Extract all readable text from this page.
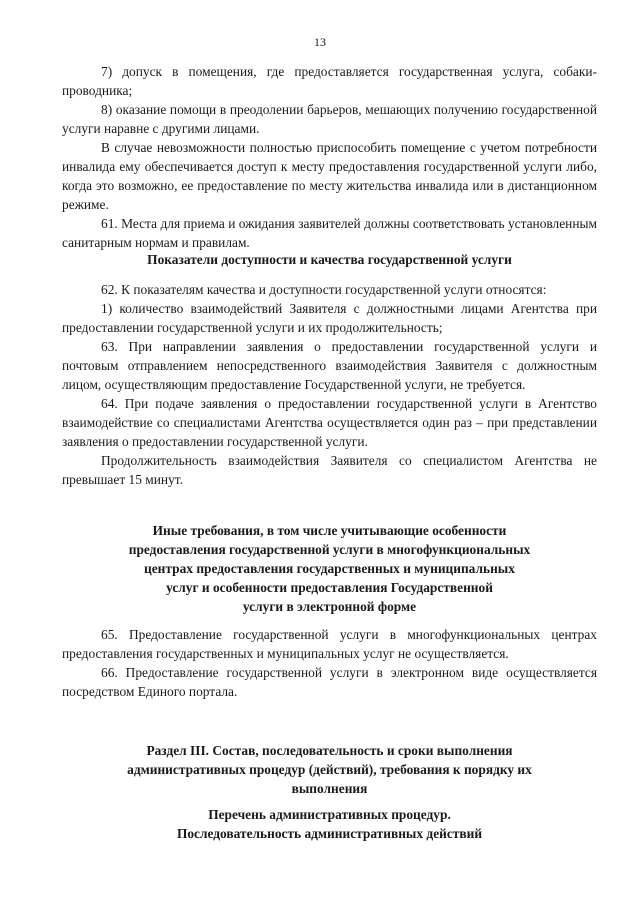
13

7) допуск в помещения, где предоставляется государственная услуга, собаки-проводника;

8) оказание помощи в преодолении барьеров, мешающих получению государственной услуги наравне с другими лицами.

В случае невозможности полностью приспособить помещение с учетом потребности инвалида ему обеспечивается доступ к месту предоставления государственной услуги либо, когда это возможно, ее предоставление по месту жительства инвалида или в дистанционном режиме.

61. Места для приема и ожидания заявителей должны соответствовать установленным санитарным нормам и правилам.

Показатели доступности и качества государственной услуги

62. К показателям качества и доступности государственной услуги относятся:

1) количество взаимодействий Заявителя с должностными лицами Агентства при предоставлении государственной услуги и их продолжительность;

63. При направлении заявления о предоставлении государственной услуги и почтовым отправлением непосредственного взаимодействия Заявителя с должностным лицом, осуществляющим предоставление Государственной услуги, не требуется.

64. При подаче заявления о предоставлении государственной услуги в Агентство взаимодействие со специалистами Агентства осуществляется один раз – при представлении заявления о предоставлении государственной услуги.

Продолжительность взаимодействия Заявителя со специалистом Агентства не превышает 15 минут.

Иные требования, в том числе учитывающие особенности

предоставления государственной услуги в многофункциональных

центрах предоставления государственных и муниципальных

услуг и особенности предоставления Государственной

услуги в электронной форме

65. Предоставление государственной услуги в многофункциональных центрах предоставления государственных и муниципальных услуг не осуществляется.

66. Предоставление государственной услуги в электронном виде осуществляется посредством Единого портала.

Раздел III. Состав, последовательность и сроки выполнения

административных процедур (действий), требования к порядку их

выполнения

Перечень административных процедур.

Последовательность административных действий
